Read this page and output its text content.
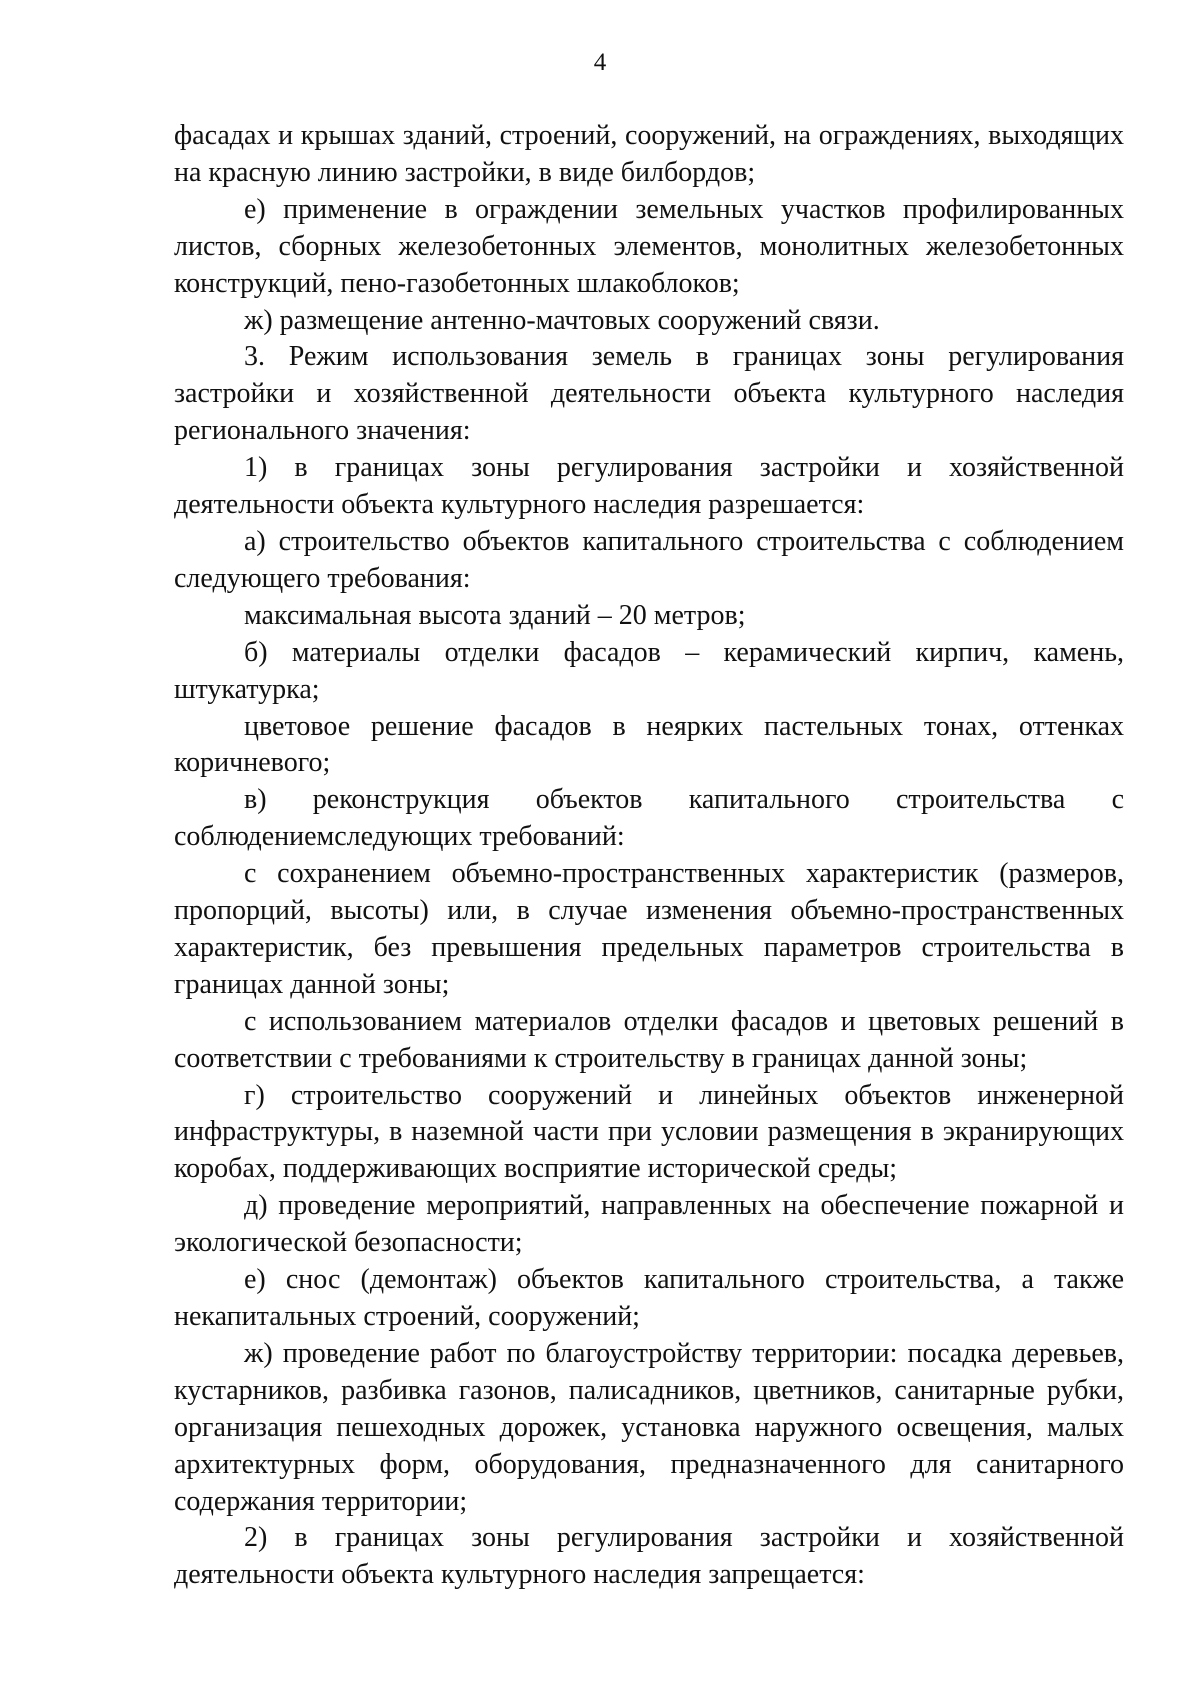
4

фасадах и крышах зданий, строений, сооружений, на ограждениях, выходящих на красную линию застройки, в виде билбордов;

е) применение в ограждении земельных участков профилированных листов, сборных железобетонных элементов, монолитных железобетонных конструкций, пено-газобетонных шлакоблоков;

ж) размещение антенно-мачтовых сооружений связи.

3. Режим использования земель в границах зоны регулирования застройки и хозяйственной деятельности объекта культурного наследия регионального значения:

1) в границах зоны регулирования застройки и хозяйственной деятельности объекта культурного наследия разрешается:

а) строительство объектов капитального строительства с соблюдением следующего требования:

максимальная высота зданий – 20 метров;

б) материалы отделки фасадов – керамический кирпич, камень, штукатурка;

цветовое решение фасадов в неярких пастельных тонах, оттенках коричневого;

в) реконструкция объектов капитального строительства с соблюдениемследующих требований:

с сохранением объемно-пространственных характеристик (размеров, пропорций, высоты) или, в случае изменения объемно-пространственных характеристик, без превышения предельных параметров строительства в границах данной зоны;

с использованием материалов отделки фасадов и цветовых решений в соответствии с требованиями к строительству в границах данной зоны;

г) строительство сооружений и линейных объектов инженерной инфраструктуры, в наземной части при условии размещения в экранирующих коробах, поддерживающих восприятие исторической среды;

д) проведение мероприятий, направленных на обеспечение пожарной и экологической безопасности;

е) снос (демонтаж) объектов капитального строительства, а также некапитальных строений, сооружений;

ж) проведение работ по благоустройству территории: посадка деревьев, кустарников, разбивка газонов, палисадников, цветников, санитарные рубки, организация пешеходных дорожек, установка наружного освещения, малых архитектурных форм, оборудования, предназначенного для санитарного содержания территории;

2) в границах зоны регулирования застройки и хозяйственной деятельности объекта культурного наследия запрещается:
